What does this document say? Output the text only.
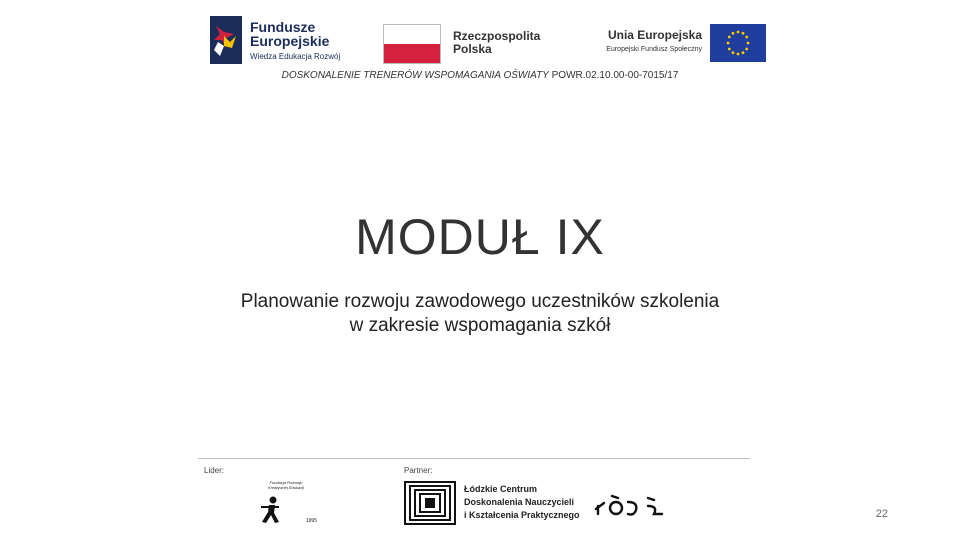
Fundusze
Europejskie
Wiedza Edukacja Rozwój
Rzeczpospolita
Polska
Unia Europejska
Europejski Fundusz Społeczny
DOSKONALENIE TRENERÓW WSPOMAGANIA OŚWIATY POWR.02.10.00-00-7015/17
MODUŁ IX
Planowanie rozwoju zawodowego uczestników szkolenia
w zakresie wspomagania szkół
Lider:	Partner:
Fundacja Rozwoju Kreatywnej Edukacji
1995
Łódzkie Centrum
Doskonalenia Nauczycieli
i Kształcenia Praktycznego	22
